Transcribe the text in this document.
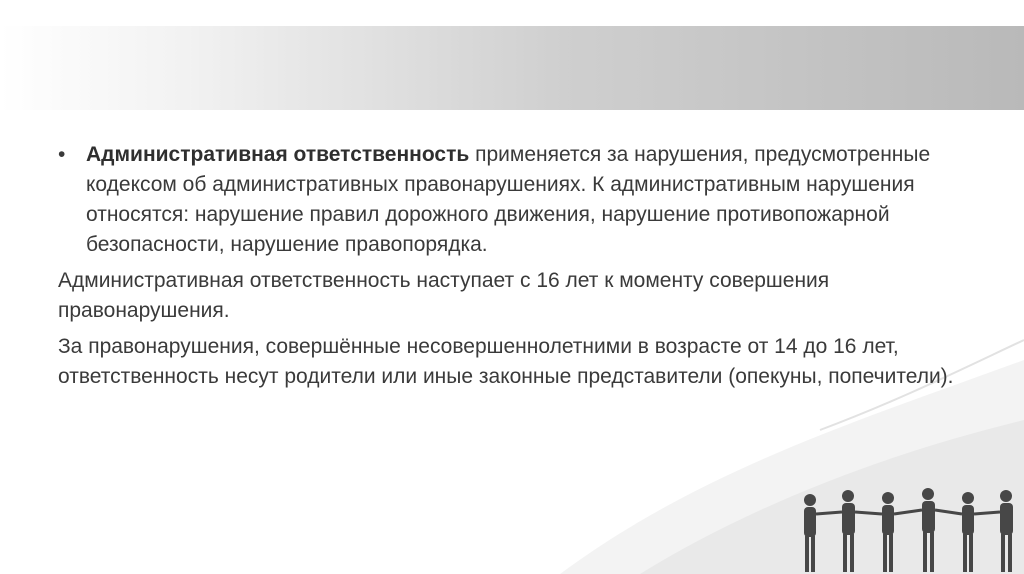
• Административная ответственность применяется за нарушения, предусмотренные кодексом об административных правонарушениях. К административным нарушения относятся: нарушение правил дорожного движения, нарушение противопожарной безопасности, нарушение правопорядка.

Административная ответственность наступает с 16 лет к моменту совершения правонарушения.

За правонарушения, совершённые несовершеннолетними в возрасте от 14 до 16 лет, ответственность несут родители или иные законные представители (опекуны, попечители).
